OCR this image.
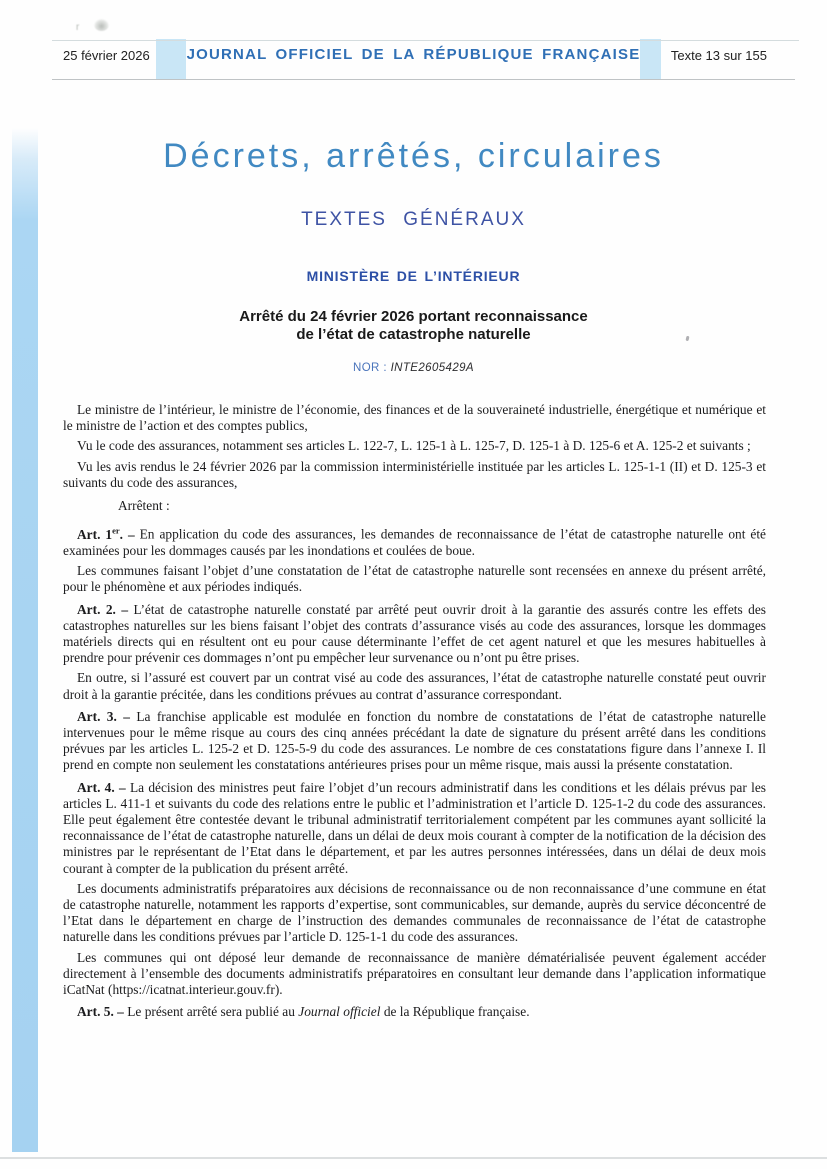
r
25 février 2026	JOURNAL OFFICIEL DE LA RÉPUBLIQUE FRANÇAISE	Texte 13 sur 155
Décrets, arrêtés, circulaires
TEXTES GÉNÉRAUX
MINISTÈRE DE L’INTÉRIEUR
Arrêté du 24 février 2026 portant reconnaissance
de l’état de catastrophe naturelle
NOR : INTE2605429A

Le ministre de l’intérieur, le ministre de l’économie, des finances et de la souveraineté industrielle, énergétique et numérique et le ministre de l’action et des comptes publics,

Vu le code des assurances, notamment ses articles L. 122-7, L. 125-1 à L. 125-7, D. 125-1 à D. 125-6 et A. 125-2 et suivants ;

Vu les avis rendus le 24 février 2026 par la commission interministérielle instituée par les articles L. 125-1-1 (II) et D. 125-3 et suivants du code des assurances,

Arrêtent :

Art. 1er. – En application du code des assurances, les demandes de reconnaissance de l’état de catastrophe naturelle ont été examinées pour les dommages causés par les inondations et coulées de boue.

Les communes faisant l’objet d’une constatation de l’état de catastrophe naturelle sont recensées en annexe du présent arrêté, pour le phénomène et aux périodes indiqués.

Art. 2. – L’état de catastrophe naturelle constaté par arrêté peut ouvrir droit à la garantie des assurés contre les effets des catastrophes naturelles sur les biens faisant l’objet des contrats d’assurance visés au code des assurances, lorsque les dommages matériels directs qui en résultent ont eu pour cause déterminante l’effet de cet agent naturel et que les mesures habituelles à prendre pour prévenir ces dommages n’ont pu empêcher leur survenance ou n’ont pu être prises.

En outre, si l’assuré est couvert par un contrat visé au code des assurances, l’état de catastrophe naturelle constaté peut ouvrir droit à la garantie précitée, dans les conditions prévues au contrat d’assurance correspondant.

Art. 3. – La franchise applicable est modulée en fonction du nombre de constatations de l’état de catastrophe naturelle intervenues pour le même risque au cours des cinq années précédant la date de signature du présent arrêté dans les conditions prévues par les articles L. 125-2 et D. 125-5-9 du code des assurances. Le nombre de ces constatations figure dans l’annexe I. Il prend en compte non seulement les constatations antérieures prises pour un même risque, mais aussi la présente constatation.

Art. 4. – La décision des ministres peut faire l’objet d’un recours administratif dans les conditions et les délais prévus par les articles L. 411-1 et suivants du code des relations entre le public et l’administration et l’article D. 125-1-2 du code des assurances. Elle peut également être contestée devant le tribunal administratif territorialement compétent par les communes ayant sollicité la reconnaissance de l’état de catastrophe naturelle, dans un délai de deux mois courant à compter de la notification de la décision des ministres par le représentant de l’Etat dans le département, et par les autres personnes intéressées, dans un délai de deux mois courant à compter de la publication du présent arrêté.

Les documents administratifs préparatoires aux décisions de reconnaissance ou de non reconnaissance d’une commune en état de catastrophe naturelle, notamment les rapports d’expertise, sont communicables, sur demande, auprès du service déconcentré de l’Etat dans le département en charge de l’instruction des demandes communales de reconnaissance de l’état de catastrophe naturelle dans les conditions prévues par l’article D. 125-1-1 du code des assurances.

Les communes qui ont déposé leur demande de reconnaissance de manière dématérialisée peuvent également accéder directement à l’ensemble des documents administratifs préparatoires en consultant leur demande dans l’application informatique iCatNat (https://icatnat.interieur.gouv.fr).

Art. 5. – Le présent arrêté sera publié au Journal officiel de la République française.
